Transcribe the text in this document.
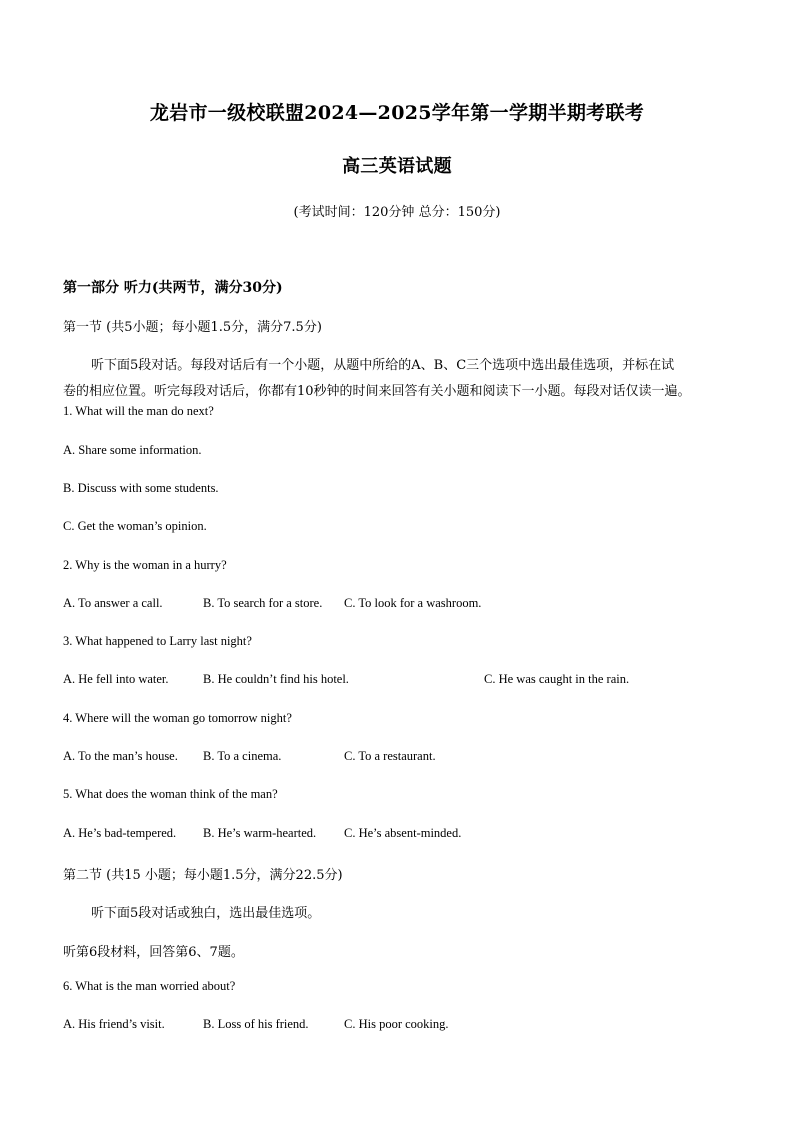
龙岩市一级校联盟2024—2025学年第一学期半期考联考
高三英语试题
(考试时间：120分钟 总分：150分)
第一部分 听力(共两节，满分30分)
第一节 (共5小题；每小题1.5分，满分7.5分)
听下面5段对话。每段对话后有一个小题，从题中所给的A、B、C三个选项中选出最佳选项，并标在试
卷的相应位置。听完每段对话后，你都有10秒钟的时间来回答有关小题和阅读下一小题。每段对话仅读一遍。
1. What will the man do next?
A. Share some information.
B. Discuss with some students.
C. Get the woman’s opinion.
2. Why is the woman in a hurry?
A. To answer a call.	B. To search for a store. C. To look for a washroom.
3. What happened to Larry last night?
A. He fell into water.	B. He couldn’t find his hotel.	C. He was caught in the rain.
4. Where will the woman go tomorrow night?
A. To the man’s house. B. To a cinema.	C. To a restaurant.
5. What does the woman think of the man?
A. He’s bad-tempered. B. He’s warm-hearted. C. He’s absent-minded.
第二节 (共15 小题；每小题1.5分，满分22.5分)
听下面5段对话或独白，选出最佳选项。
听第6段材料，回答第6、7题。
6. What is the man worried about?
A. His friend’s visit.	B. Loss of his friend.	C. His poor cooking.
